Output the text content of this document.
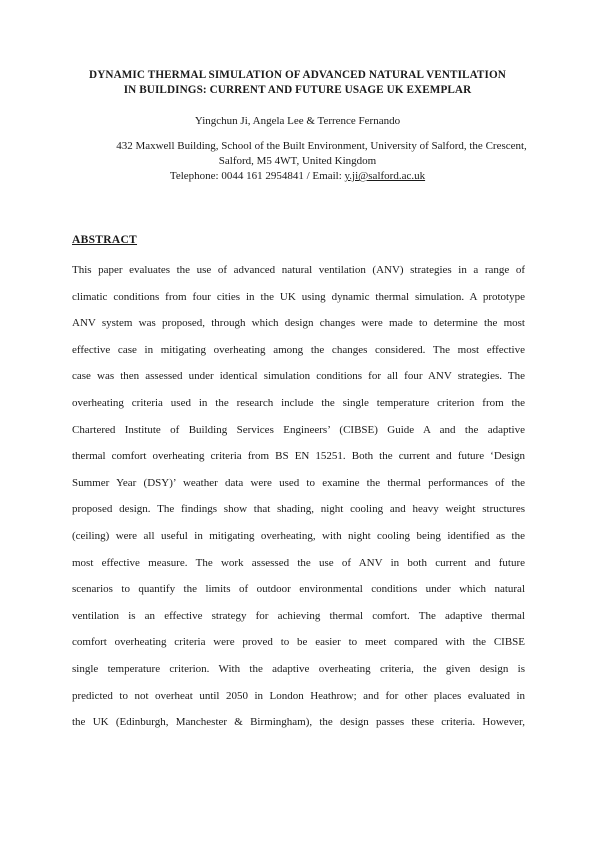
DYNAMIC THERMAL SIMULATION OF ADVANCED NATURAL VENTILATION
IN BUILDINGS: CURRENT AND FUTURE USAGE UK EXEMPLAR
Yingchun Ji, Angela Lee & Terrence Fernando
432 Maxwell Building, School of the Built Environment, University of Salford, the Crescent,
Salford, M5 4WT, United Kingdom
Telephone: 0044 161 2954841 / Email: y.ji@salford.ac.uk
ABSTRACT
This paper evaluates the use of advanced natural ventilation (ANV) strategies in a range of
climatic conditions from four cities in the UK using dynamic thermal simulation. A prototype
ANV system was proposed, through which design changes were made to determine the most
effective case in mitigating overheating among the changes considered. The most effective
case was then assessed under identical simulation conditions for all four ANV strategies. The
overheating criteria used in the research include the single temperature criterion from the
Chartered Institute of Building Services Engineers’ (CIBSE) Guide A and the adaptive
thermal comfort overheating criteria from BS EN 15251. Both the current and future ‘Design
Summer Year (DSY)’ weather data were used to examine the thermal performances of the
proposed design. The findings show that shading, night cooling and heavy weight structures
(ceiling) were all useful in mitigating overheating, with night cooling being identified as the
most effective measure. The work assessed the use of ANV in both current and future
scenarios to quantify the limits of outdoor environmental conditions under which natural
ventilation is an effective strategy for achieving thermal comfort. The adaptive thermal
comfort overheating criteria were proved to be easier to meet compared with the CIBSE
single temperature criterion. With the adaptive overheating criteria, the given design is
predicted to not overheat until 2050 in London Heathrow; and for other places evaluated in
the UK (Edinburgh, Manchester & Birmingham), the design passes these criteria. However,
